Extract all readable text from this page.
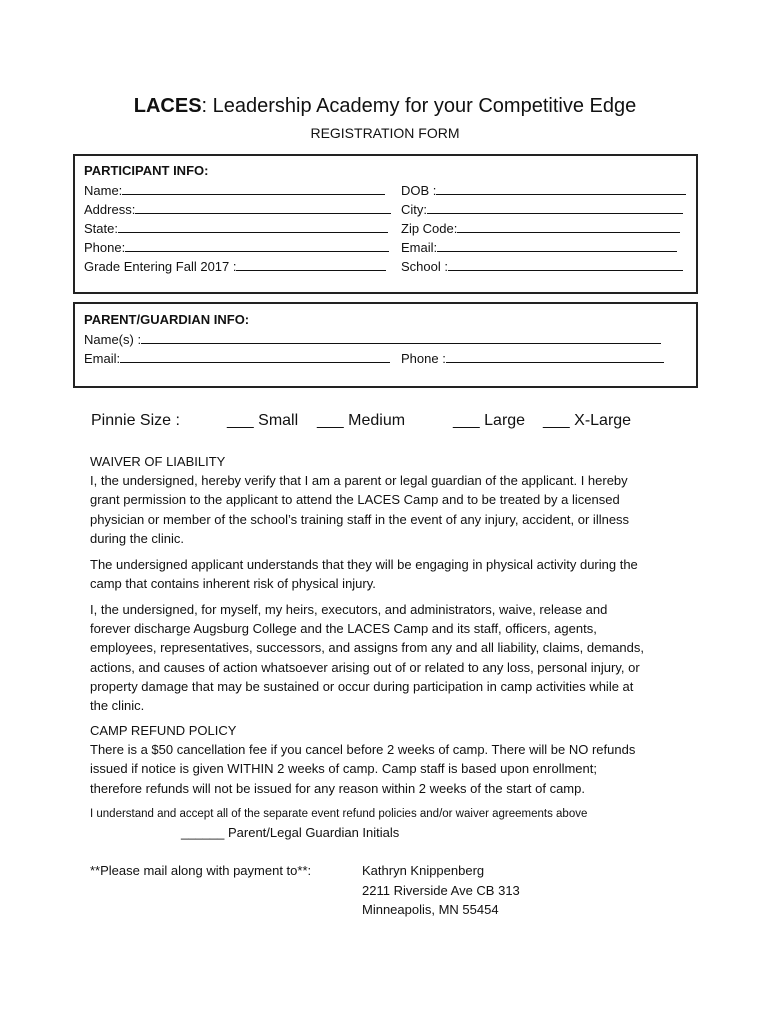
LACES: Leadership Academy for your Competitive Edge
REGISTRATION FORM
PARTICIPANT INFO:
Name:	DOB :
Address:	City:
State:	Zip Code:
Phone:	Email:
Grade Entering Fall 2017 :	School :
PARENT/GUARDIAN INFO:
Name(s) :
Email:	Phone :
Pinnie Size :	___ Small ___ Medium	___ Large ___ X-Large
WAIVER OF LIABILITY
I, the undersigned, hereby verify that I am a parent or legal guardian of the applicant. I hereby
grant permission to the applicant to attend the LACES Camp and to be treated by a licensed
physician or member of the school’s training staff in the event of any injury, accident, or illness
during the clinic.
The undersigned applicant understands that they will be engaging in physical activity during the
camp that contains inherent risk of physical injury.
I, the undersigned, for myself, my heirs, executors, and administrators, waive, release and
forever discharge Augsburg College and the LACES Camp and its staff, officers, agents,
employees, representatives, successors, and assigns from any and all liability, claims, demands,
actions, and causes of action whatsoever arising out of or related to any loss, personal injury, or
property damage that may be sustained or occur during participation in camp activities while at
the clinic.
CAMP REFUND POLICY
There is a $50 cancellation fee if you cancel before 2 weeks of camp. There will be NO refunds
issued if notice is given WITHIN 2 weeks of camp. Camp staff is based upon enrollment;
therefore refunds will not be issued for any reason within 2 weeks of the start of camp.
I understand and accept all of the separate event refund policies and/or waiver agreements above
______ Parent/Legal Guardian Initials
**Please mail along with payment to**:	Kathryn Knippenberg
2211 Riverside Ave CB 313
Minneapolis, MN 55454
